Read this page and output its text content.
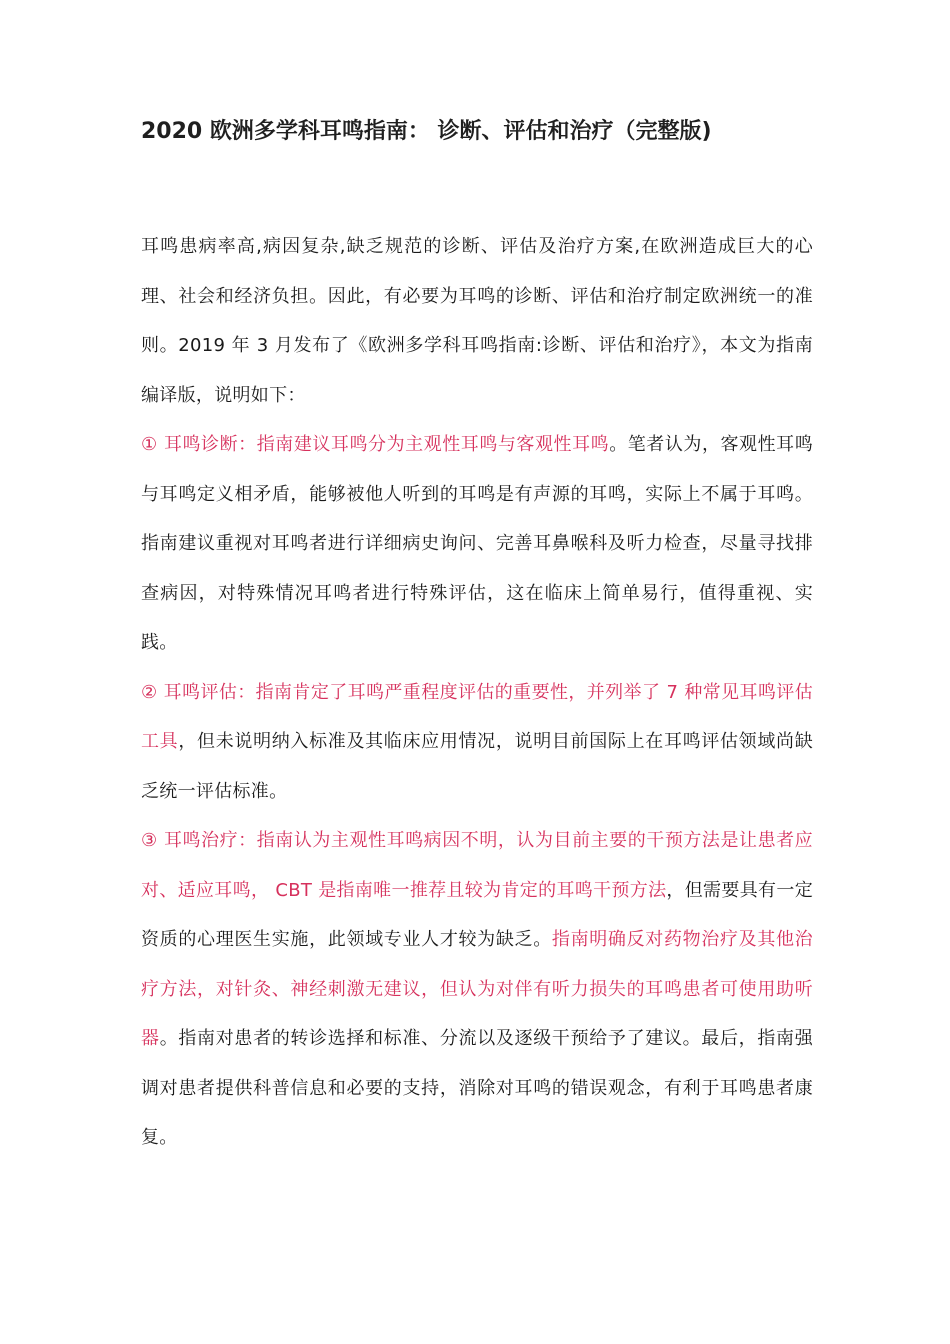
2020 欧洲多学科耳鸣指南： 诊断、评估和治疗（完整版)

耳鸣患病率高,病因复杂,缺乏规范的诊断、评估及治疗方案,在欧洲造成巨大的心理、社会和经济负担。因此，有必要为耳鸣的诊断、评估和治疗制定欧洲统一的准则。2019 年 3 月发布了《欧洲多学科耳鸣指南:诊断、评估和治疗》，本文为指南编译版，说明如下：

① 耳鸣诊断：指南建议耳鸣分为主观性耳鸣与客观性耳鸣。笔者认为，客观性耳鸣与耳鸣定义相矛盾，能够被他人听到的耳鸣是有声源的耳鸣，实际上不属于耳鸣。指南建议重视对耳鸣者进行详细病史询问、完善耳鼻喉科及听力检查，尽量寻找排查病因，对特殊情况耳鸣者进行特殊评估，这在临床上简单易行，值得重视、实践。

② 耳鸣评估：指南肯定了耳鸣严重程度评估的重要性，并列举了 7 种常见耳鸣评估工具，但未说明纳入标准及其临床应用情况，说明目前国际上在耳鸣评估领域尚缺乏统一评估标准。

③ 耳鸣治疗：指南认为主观性耳鸣病因不明，认为目前主要的干预方法是让患者应对、适应耳鸣， CBT 是指南唯一推荐且较为肯定的耳鸣干预方法，但需要具有一定资质的心理医生实施，此领域专业人才较为缺乏。指南明确反对药物治疗及其他治疗方法，对针灸、神经刺激无建议，但认为对伴有听力损失的耳鸣患者可使用助听器。指南对患者的转诊选择和标准、分流以及逐级干预给予了建议。最后，指南强调对患者提供科普信息和必要的支持，消除对耳鸣的错误观念，有利于耳鸣患者康复。
